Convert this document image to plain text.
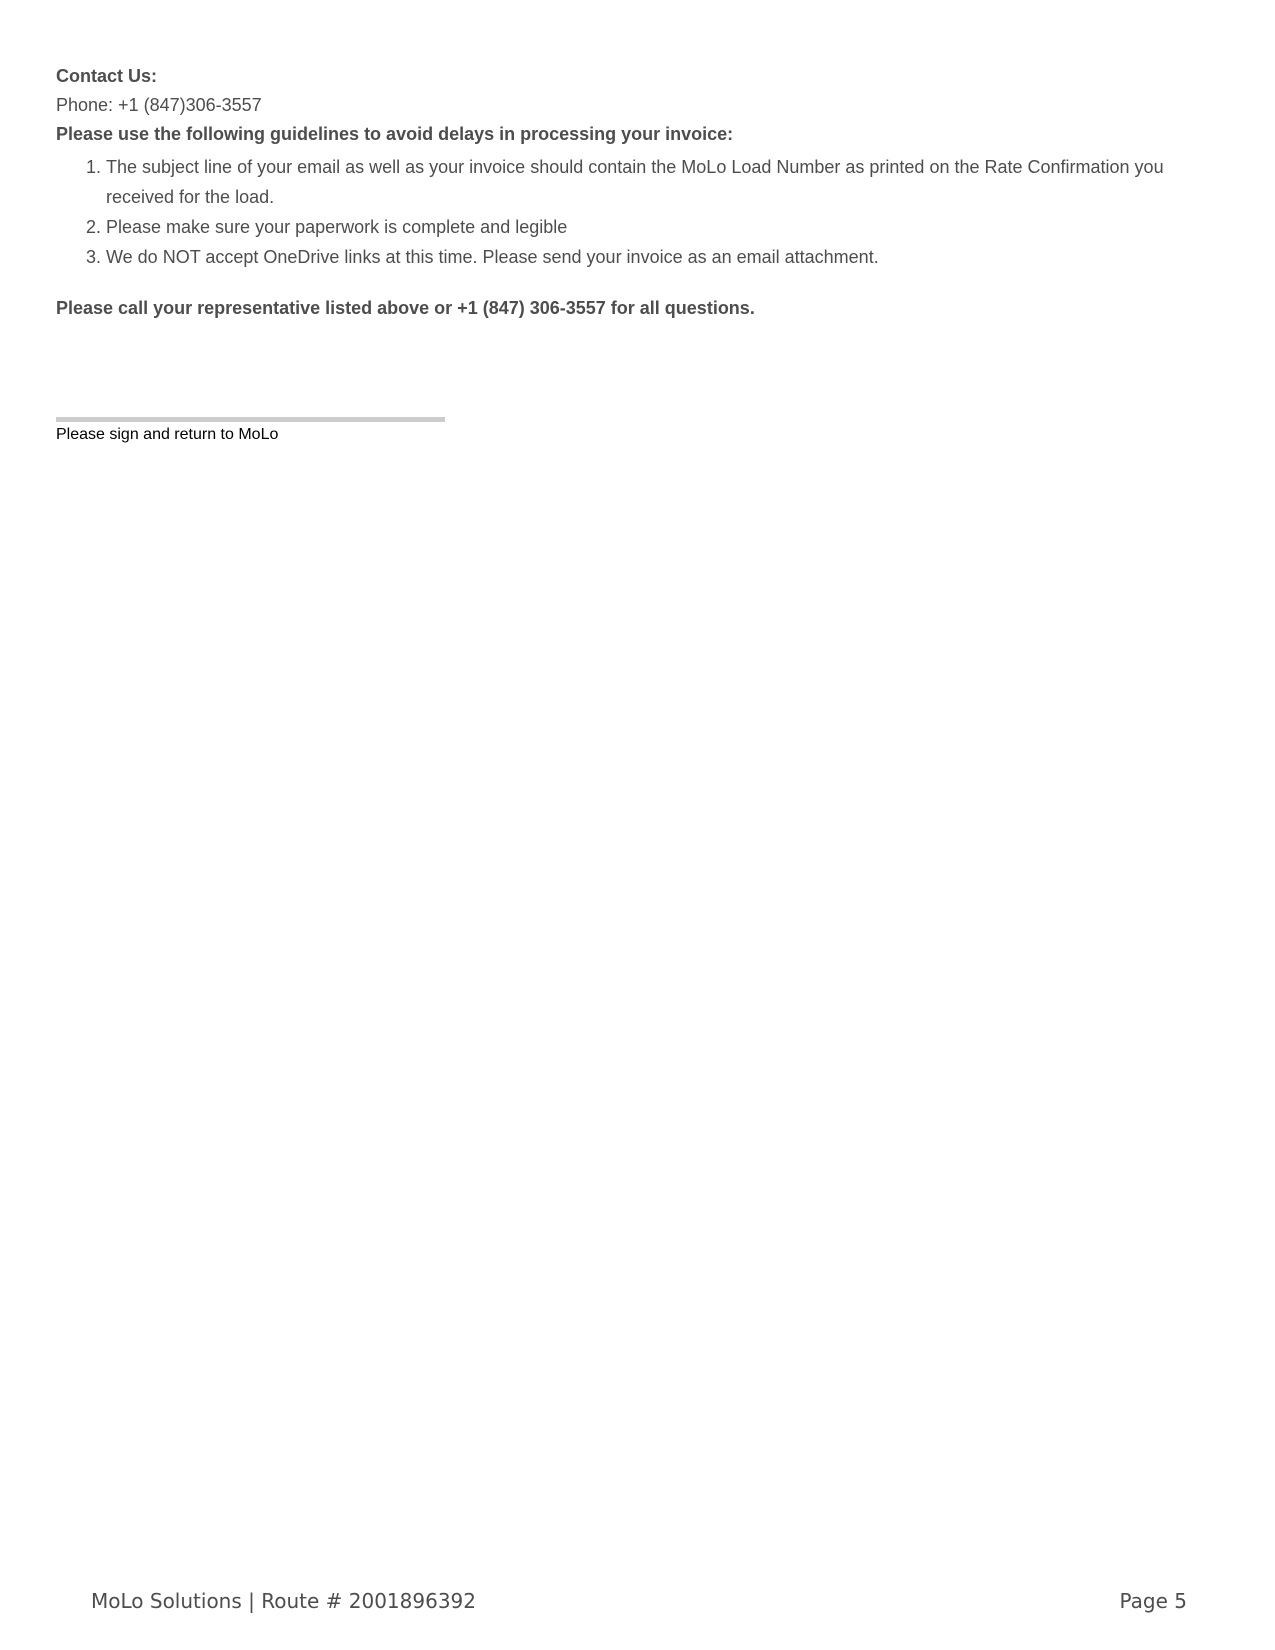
Contact Us:

Phone: +1 (847)306-3557

Please use the following guidelines to avoid delays in processing your invoice:

1. The subject line of your email as well as your invoice should contain the MoLo Load Number as printed on the Rate Confirmation you received for the load.
2. Please make sure your paperwork is complete and legible
3. We do NOT accept OneDrive links at this time. Please send your invoice as an email attachment.

Please call your representative listed above or +1 (847) 306-3557 for all questions.

Please sign and return to MoLo
MoLo Solutions | Route # 2001896392	Page 5
